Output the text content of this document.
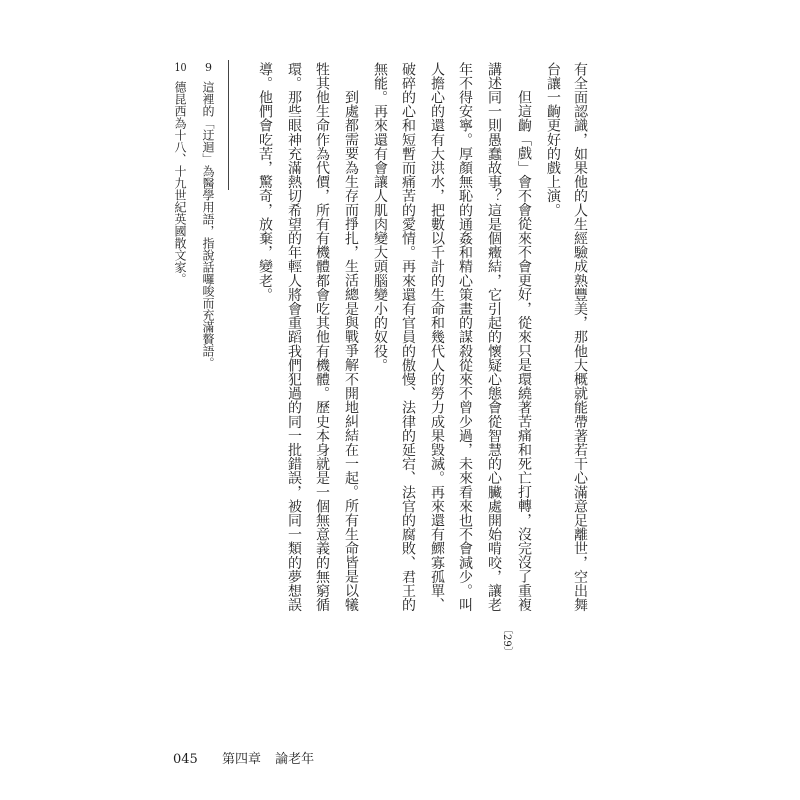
有全面認識，如果他的人生經驗成熟豐美，那他大概就能帶著若干心滿意足離世，空出舞
台讓一齣更好的戲上演。
但這齣「戲」會不會從來不會更好，從來只是環繞著苦痛和死亡打轉，沒完沒了重複
講述同一則愚蠢故事？這是個癥結，它引起的懷疑心態會從智慧的心臟處開始啃咬，讓老
年不得安寧。厚顏無恥的通姦和精心策畫的謀殺從來不曾少過，未來看來也不會減少。叫
人擔心的還有大洪水，把數以千計的生命和幾代人的勞力成果毀滅。再來還有鰥寡孤單、
破碎的心和短暫而痛苦的愛情。再來還有官員的傲慢、法律的延宕、法官的腐敗、君王的
無能。再來還有會讓人肌肉變大頭腦變小的奴役。
到處都需要為生存而掙扎，生活總是與戰爭解不開地糾結在一起。所有生命皆是以犧
牲其他生命作為代價，所有有機體都會吃其他有機體。歷史本身就是一個無意義的無窮循
環。那些眼神充滿熱切希望的年輕人將會重蹈我們犯過的同一批錯誤，被同一類的夢想誤
導。他們會吃苦，驚奇，放棄，變老。
〔29〕
9這裡的「迂迴」為醫學用語，指說話囉唆而充滿贅語。
10德昆西為十八、十九世紀英國散文家。
045 第四章 論老年
